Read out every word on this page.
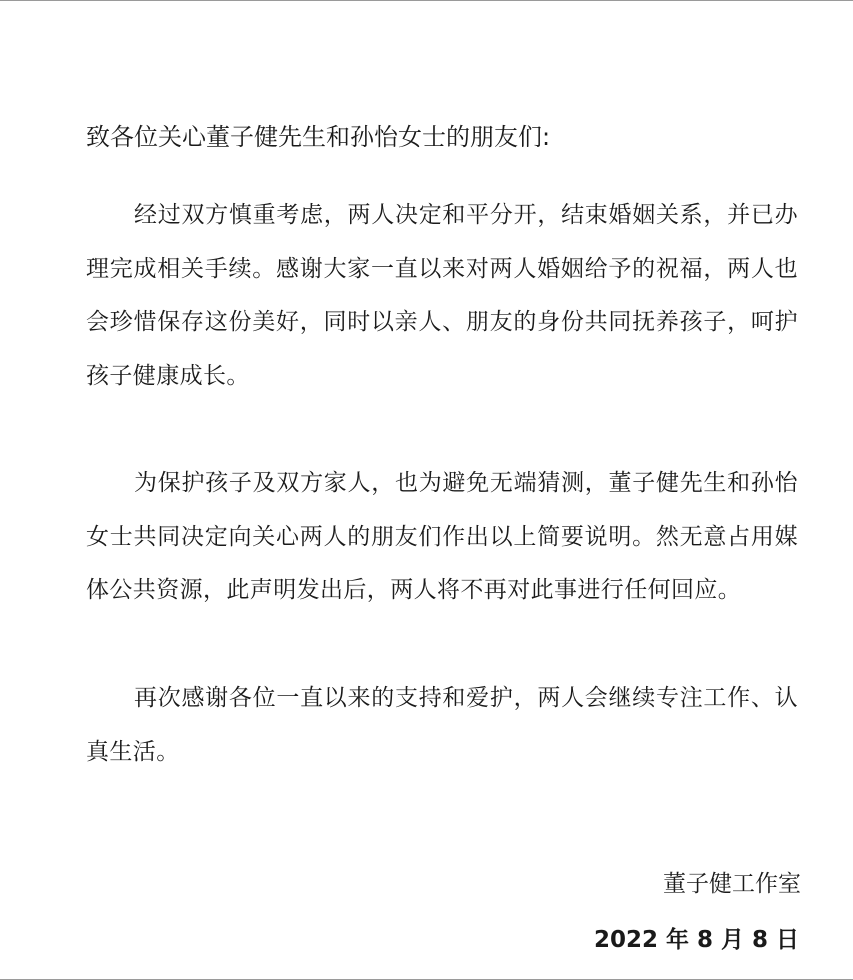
致各位关心董子健先生和孙怡女士的朋友们:

经过双方慎重考虑，两人决定和平分开，结束婚姻关系，并已办理完成相关手续。感谢大家一直以来对两人婚姻给予的祝福，两人也会珍惜保存这份美好，同时以亲人、朋友的身份共同抚养孩子，呵护孩子健康成长。

为保护孩子及双方家人，也为避免无端猜测，董子健先生和孙怡女士共同决定向关心两人的朋友们作出以上简要说明。然无意占用媒体公共资源，此声明发出后，两人将不再对此事进行任何回应。

再次感谢各位一直以来的支持和爱护，两人会继续专注工作、认真生活。

董子健工作室
2022 年 8 月 8 日
